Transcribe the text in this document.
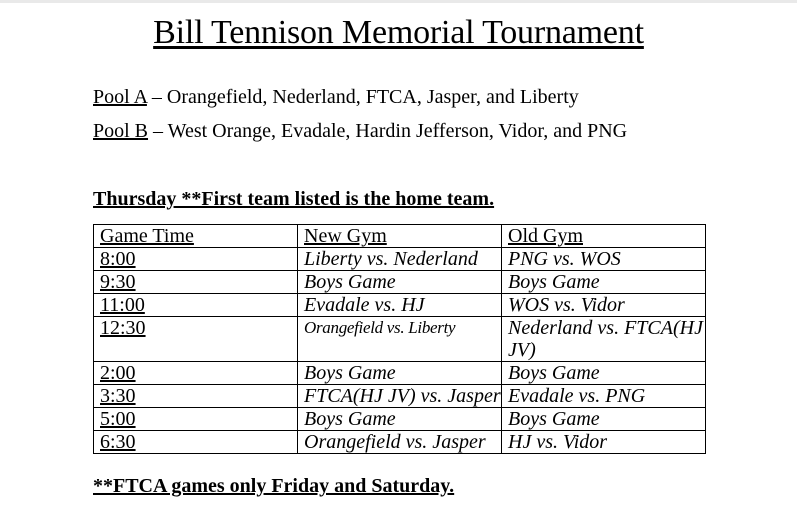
Bill Tennison Memorial Tournament
Pool A – Orangefield, Nederland, FTCA, Jasper, and Liberty
Pool B – West Orange, Evadale, Hardin Jefferson, Vidor, and PNG
Thursday **First team listed is the home team.
Game Time	New Gym	Old Gym
8:00	Liberty vs. Nederland	PNG vs. WOS
9:30	Boys Game	Boys Game
11:00	Evadale vs. HJ	WOS vs. Vidor
12:30	Orangefield vs. Liberty	Nederland vs. FTCA(HJ JV)
2:00	Boys Game	Boys Game
3:30	FTCA(HJ JV) vs. Jasper	Evadale vs. PNG
5:00	Boys Game	Boys Game
6:30	Orangefield vs. Jasper	HJ vs. Vidor
**FTCA games only Friday and Saturday.
